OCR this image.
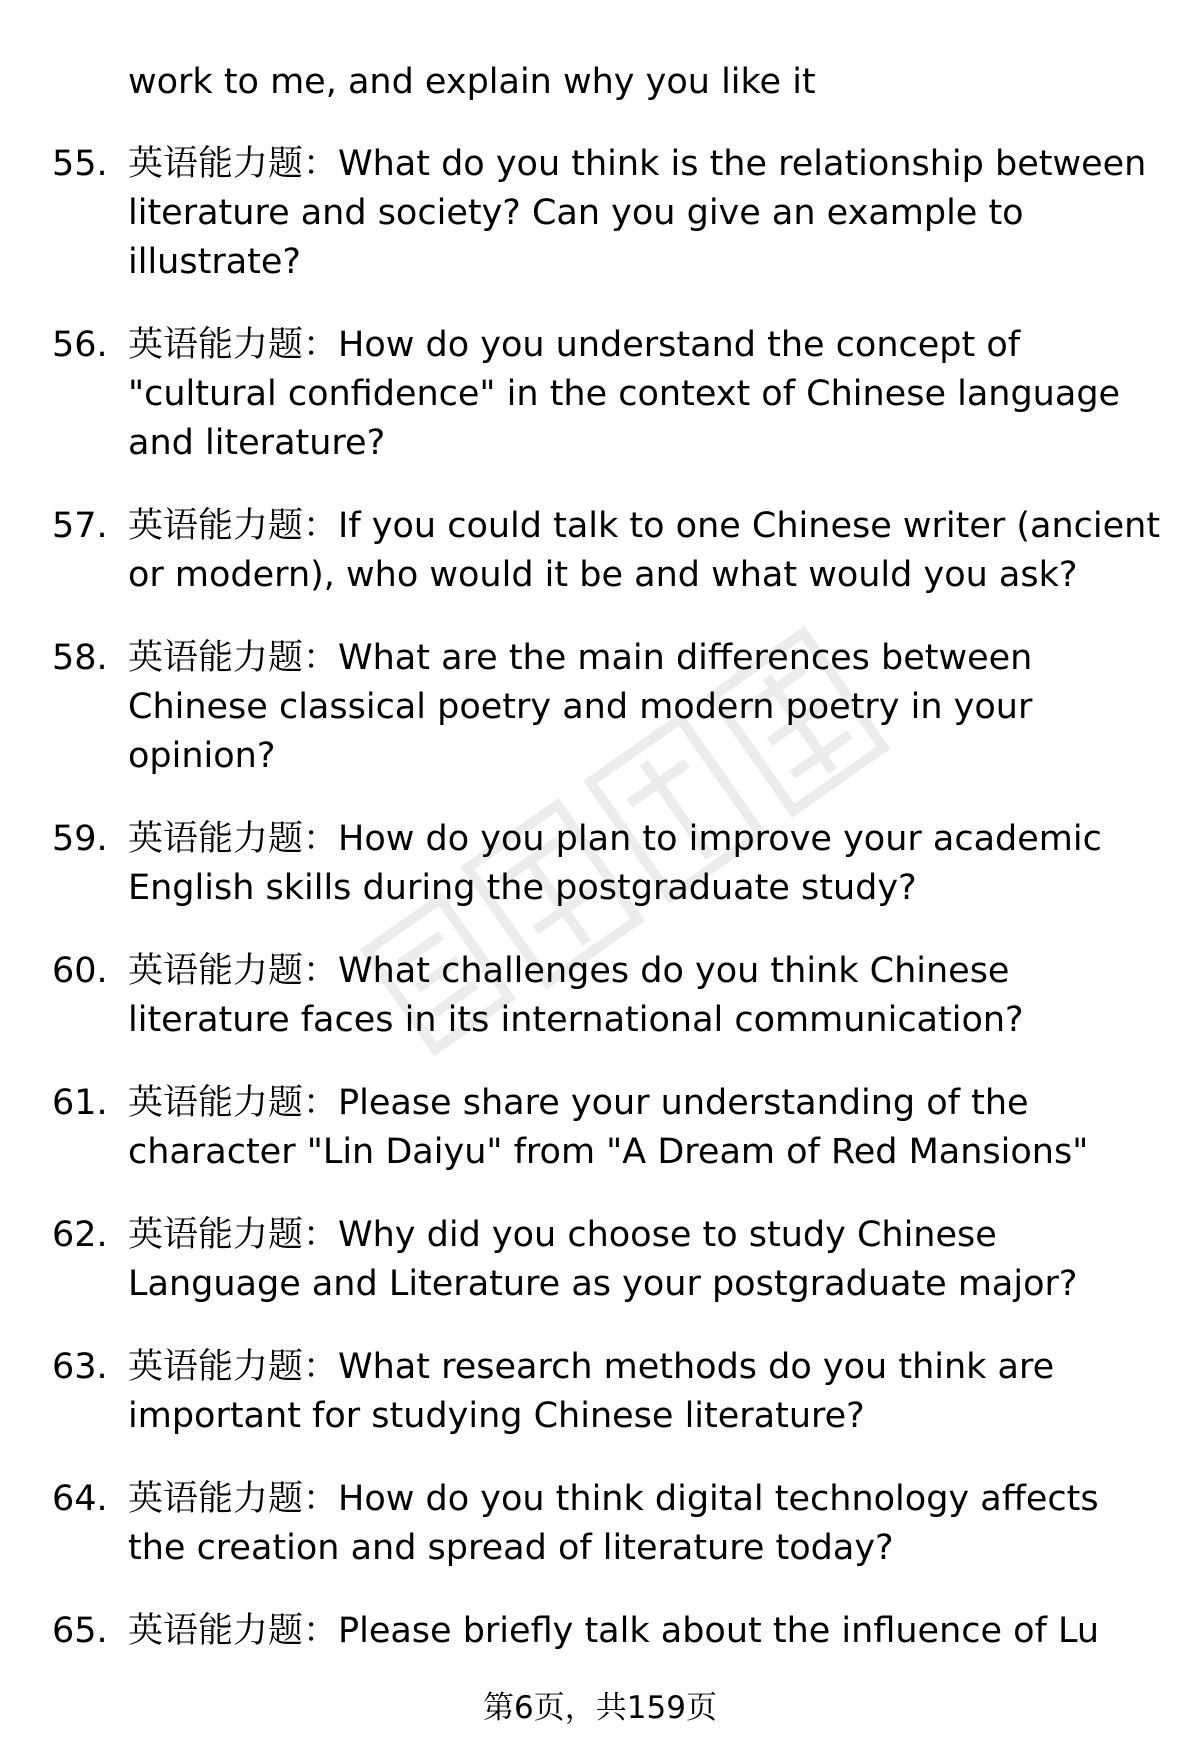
work to me, and explain why you like it
55. 英语能力题：What do you think is the relationship between
literature and society? Can you give an example to
illustrate?
56. 英语能力题：How do you understand the concept of
"cultural confidence" in the context of Chinese language
and literature?
57. 英语能力题：If you could talk to one Chinese writer (ancient
or modern), who would it be and what would you ask?
58. 英语能力题：What are the main differences between
Chinese classical poetry and modern poetry in your
opinion?
59. 英语能力题：How do you plan to improve your academic
English skills during the postgraduate study?
60. 英语能力题：What challenges do you think Chinese
literature faces in its international communication?
61. 英语能力题：Please share your understanding of the
character "Lin Daiyu" from "A Dream of Red Mansions"
62. 英语能力题：Why did you choose to study Chinese
Language and Literature as your postgraduate major?
63. 英语能力题：What research methods do you think are
important for studying Chinese literature?
64. 英语能力题：How do you think digital technology affects
the creation and spread of literature today?
65. 英语能力题：Please briefly talk about the influence of Lu
第6页，共159页
